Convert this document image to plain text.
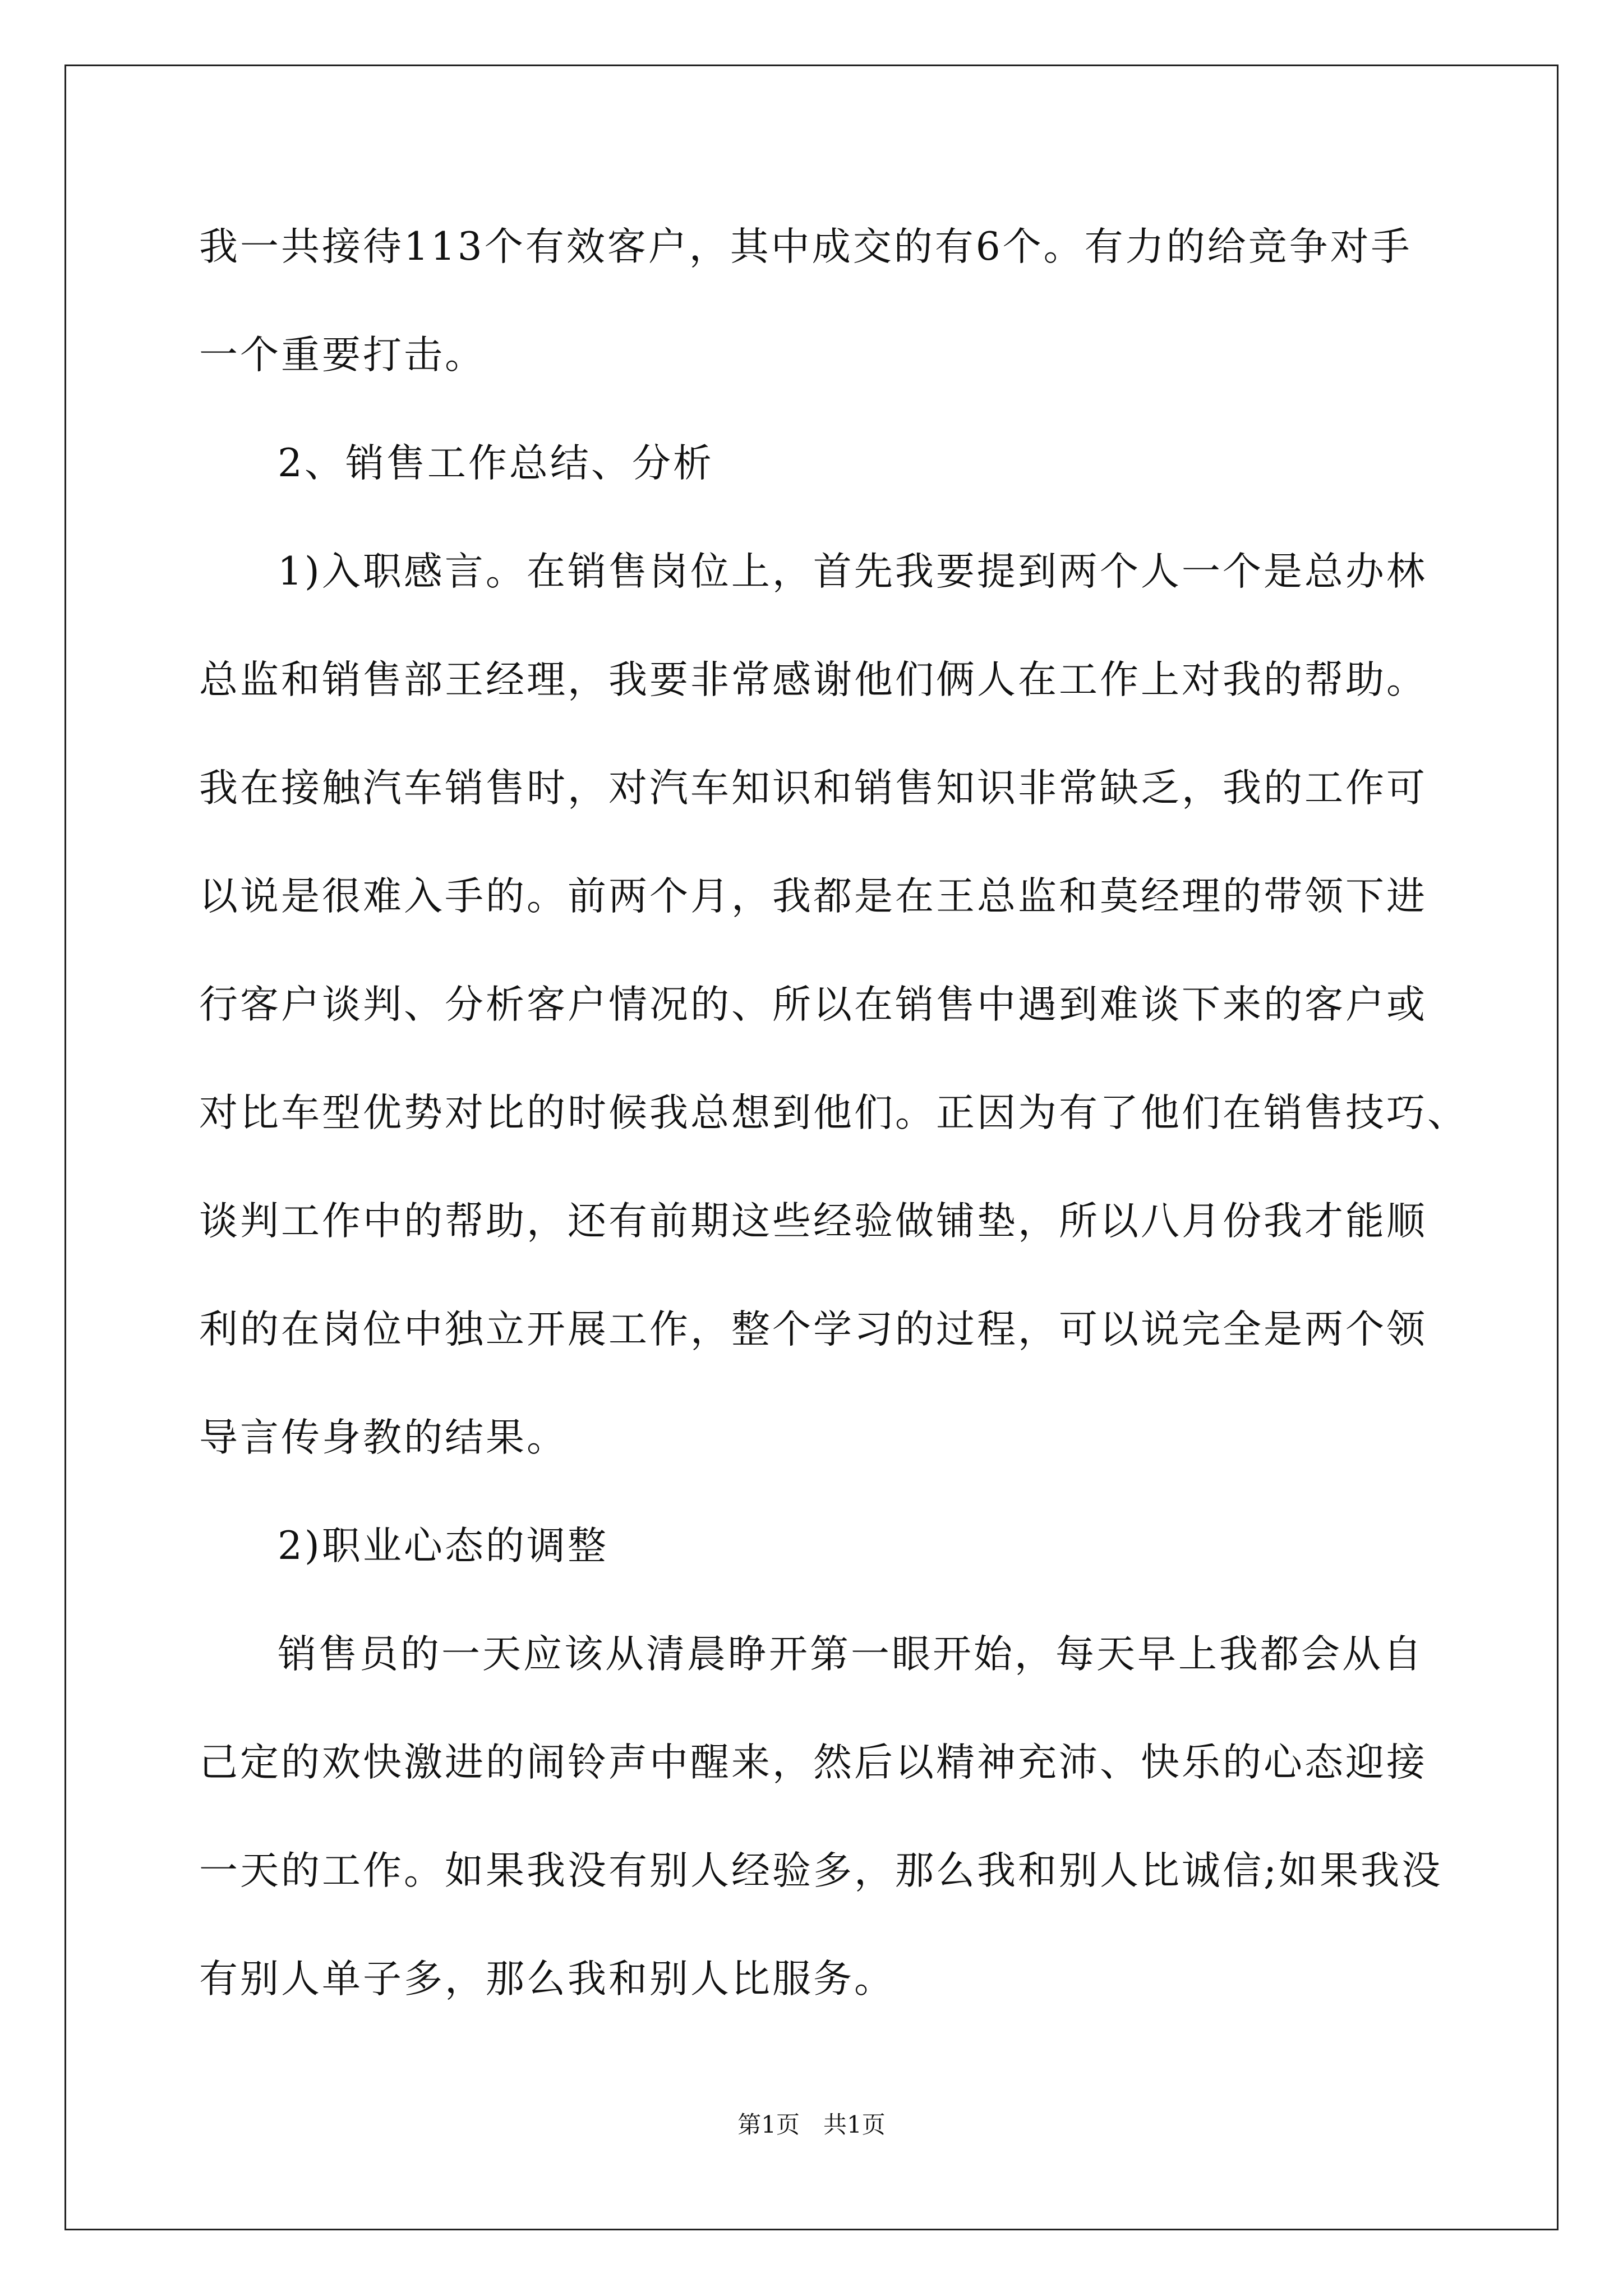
我一共接待113个有效客户，其中成交的有6个。有力的给竞争对手
一个重要打击。
2、销售工作总结、分析
1)入职感言。在销售岗位上，首先我要提到两个人一个是总办林
总监和销售部王经理，我要非常感谢他们俩人在工作上对我的帮助。
我在接触汽车销售时，对汽车知识和销售知识非常缺乏，我的工作可
以说是很难入手的。前两个月，我都是在王总监和莫经理的带领下进
行客户谈判、分析客户情况的、所以在销售中遇到难谈下来的客户或
对比车型优势对比的时候我总想到他们。正因为有了他们在销售技巧、
谈判工作中的帮助，还有前期这些经验做铺垫，所以八月份我才能顺
利的在岗位中独立开展工作，整个学习的过程，可以说完全是两个领
导言传身教的结果。
2)职业心态的调整
销售员的一天应该从清晨睁开第一眼开始，每天早上我都会从自
己定的欢快激进的闹铃声中醒来，然后以精神充沛、快乐的心态迎接
一天的工作。如果我没有别人经验多，那么我和别人比诚信;如果我没
有别人单子多，那么我和别人比服务。
第1页　共1页
